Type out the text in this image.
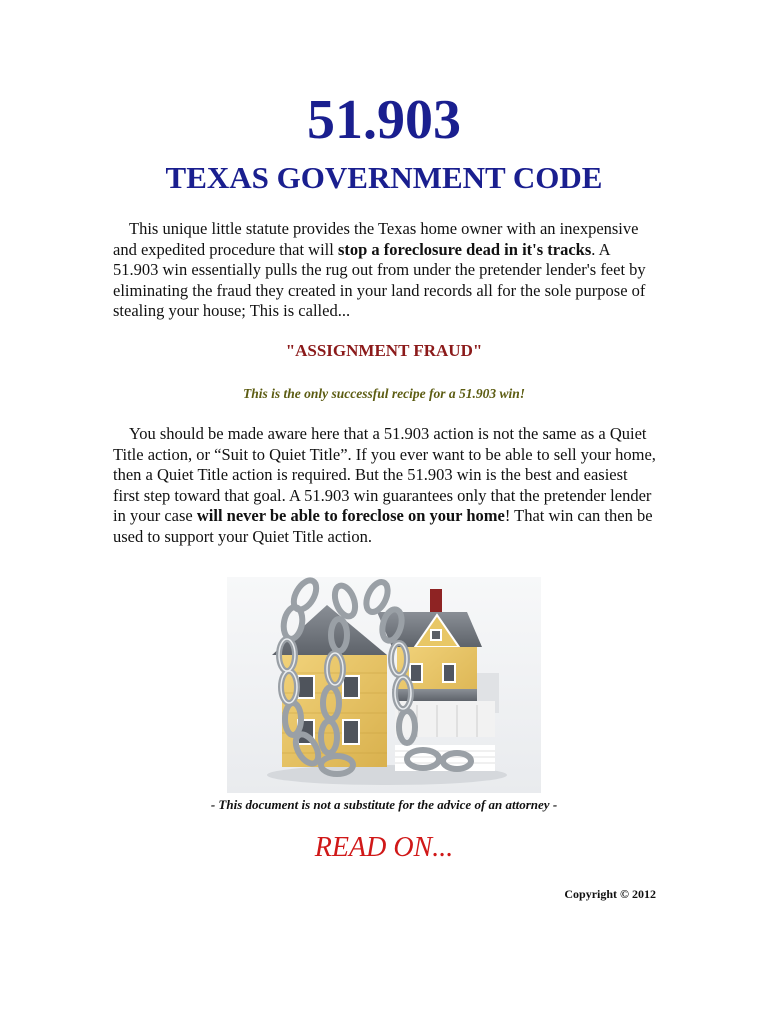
51.903
TEXAS GOVERNMENT CODE

This unique little statute provides the Texas home owner with an inexpensive and expedited procedure that will stop a foreclosure dead in it's tracks. A 51.903 win essentially pulls the rug out from under the pretender lender's feet by eliminating the fraud they created in your land records all for the sole purpose of stealing your house; This is called...

"ASSIGNMENT FRAUD"
This is the only successful recipe for a 51.903 win!

You should be made aware here that a 51.903 action is not the same as a Quiet Title action, or “Suit to Quiet Title”. If you ever want to be able to sell your home, then a Quiet Title action is required. But the 51.903 win is the best and easiest first step toward that goal. A 51.903 win guarantees only that the pretender lender in your case will never be able to foreclose on your home! That win can then be used to support your Quiet Title action.

- This document is not a substitute for the advice of an attorney -
READ ON...
Copyright © 2012
